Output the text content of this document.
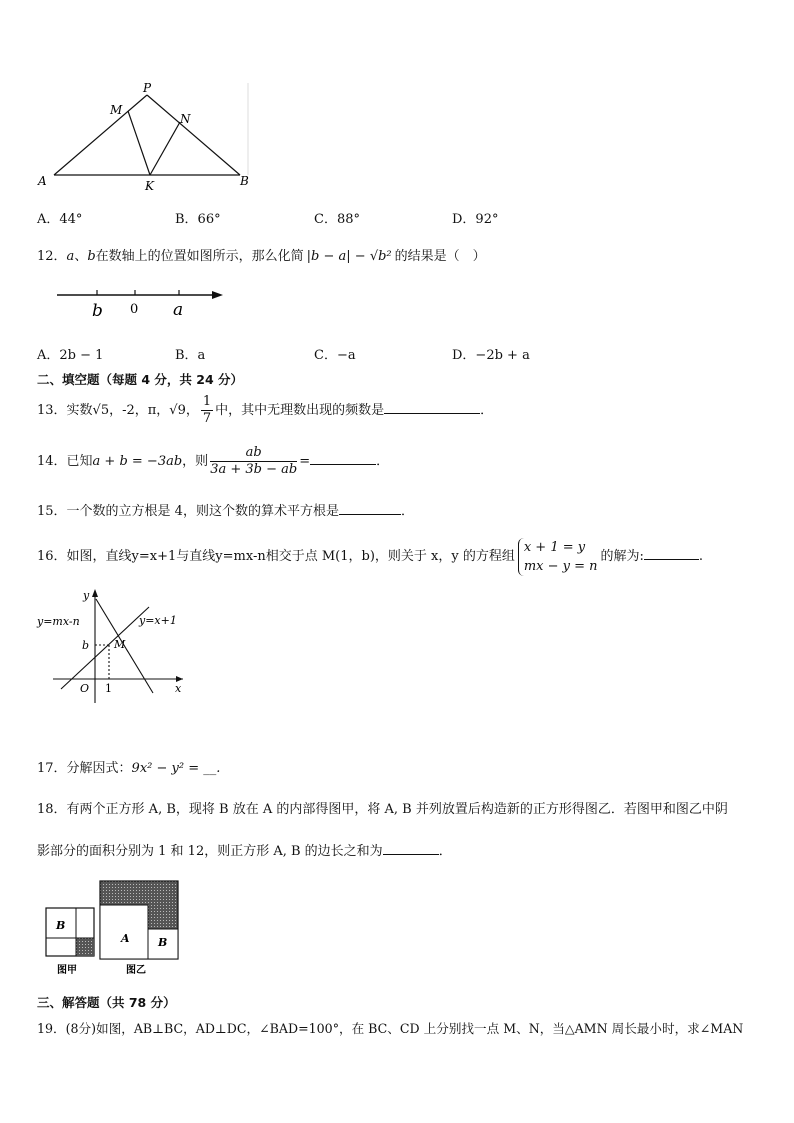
P
M
N
A	K	B
A．44°	B．66°	C．88°	D．92°
12．a、b在数轴上的位置如图所示，那么化简 |b − a| − √b² 的结果是（　）
b 0 a
A．2b − 1	B．a	C．−a	D．−2b + a
二、填空题（每题 4 分，共 24 分）
13．实数√5，-2，π，√9， $\frac{1}{7}$ 中，其中无理数出现的频数是	．
14．已知a + b = −3ab，则 $\frac{ab}{3a + 3b - ab}$ =	．
15．一个数的立方根是 4，则这个数的算术平方根是	．
16．如图，直线y=x+1与直线y=mx-n相交于点 M(1，b)，则关于 x，y 的方程组
x + 1 = y
mx − y = n
的解为:	.
y
y=mx-n	y=x+1
b M
O 1	x
17．分解因式：9x² − y² = __.
18．有两个正方形 A, B，现将 B 放在 A 的内部得图甲，将 A, B 并列放置后构造新的正方形得图乙．若图甲和图乙中阴
影部分的面积分别为 1 和 12，则正方形 A, B 的边长之和为	．
B
图甲
A	B
图乙
三、解答题（共 78 分）
19．(8分)如图，AB⊥BC，AD⊥DC，∠BAD=100°，在 BC、CD 上分别找一点 M、N，当△AMN 周长最小时，求∠MAN
